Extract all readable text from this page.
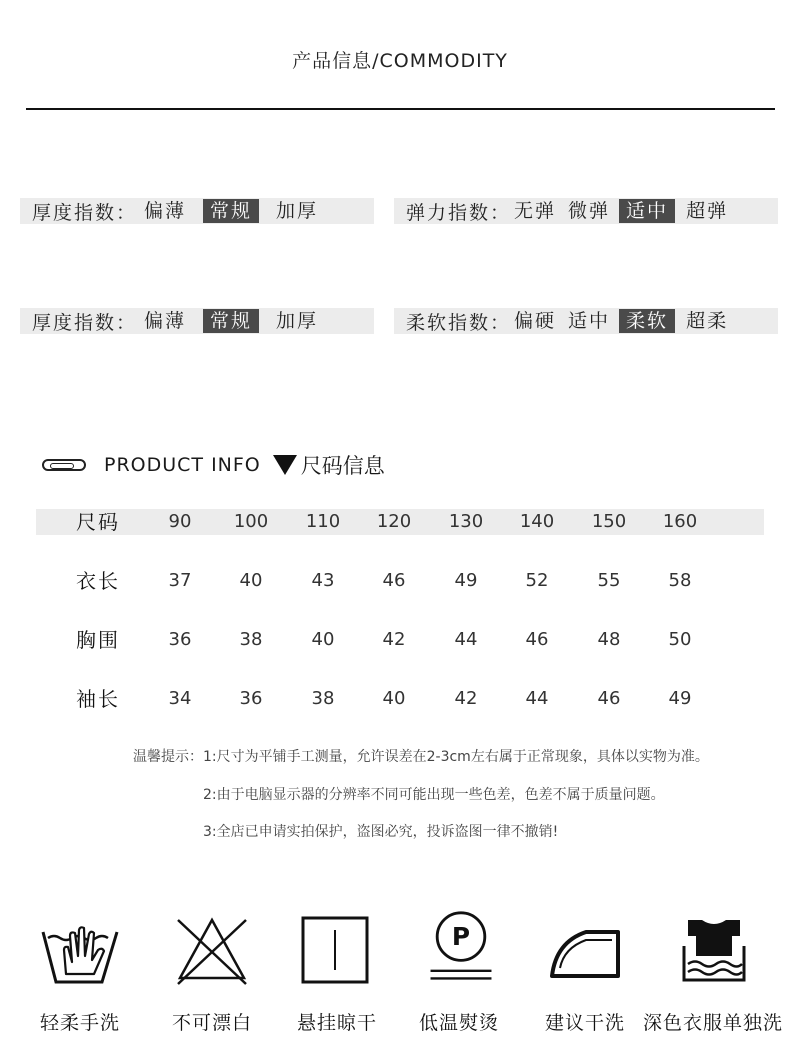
产品信息/COMMODITY
厚度指数： 偏薄	常规	加厚	弹力指数： 无弹 微弹 适中 超弹
厚度指数： 偏薄	常规	加厚	柔软指数： 偏硬 适中 柔软 超柔
PRODUCT INFO 尺码信息
尺码	90	100	110	120	130	140	150	160
衣长	37	40	43	46	49	52	55	58
胸围	36	38	40	42	44	46	48	50
袖长	34	36	38	40	42	44	46	49
温馨提示：1:尺寸为平铺手工测量，允许误差在2-3cm左右属于正常现象，具体以实物为准。
2:由于电脑显示器的分辨率不同可能出现一些色差，色差不属于质量问题。
3:全店已申请实拍保护，盗图必究，投诉盗图一律不撤销!
轻柔手洗	不可漂白	悬挂晾干
P
低温熨烫	建议干洗 深色衣服单独洗
